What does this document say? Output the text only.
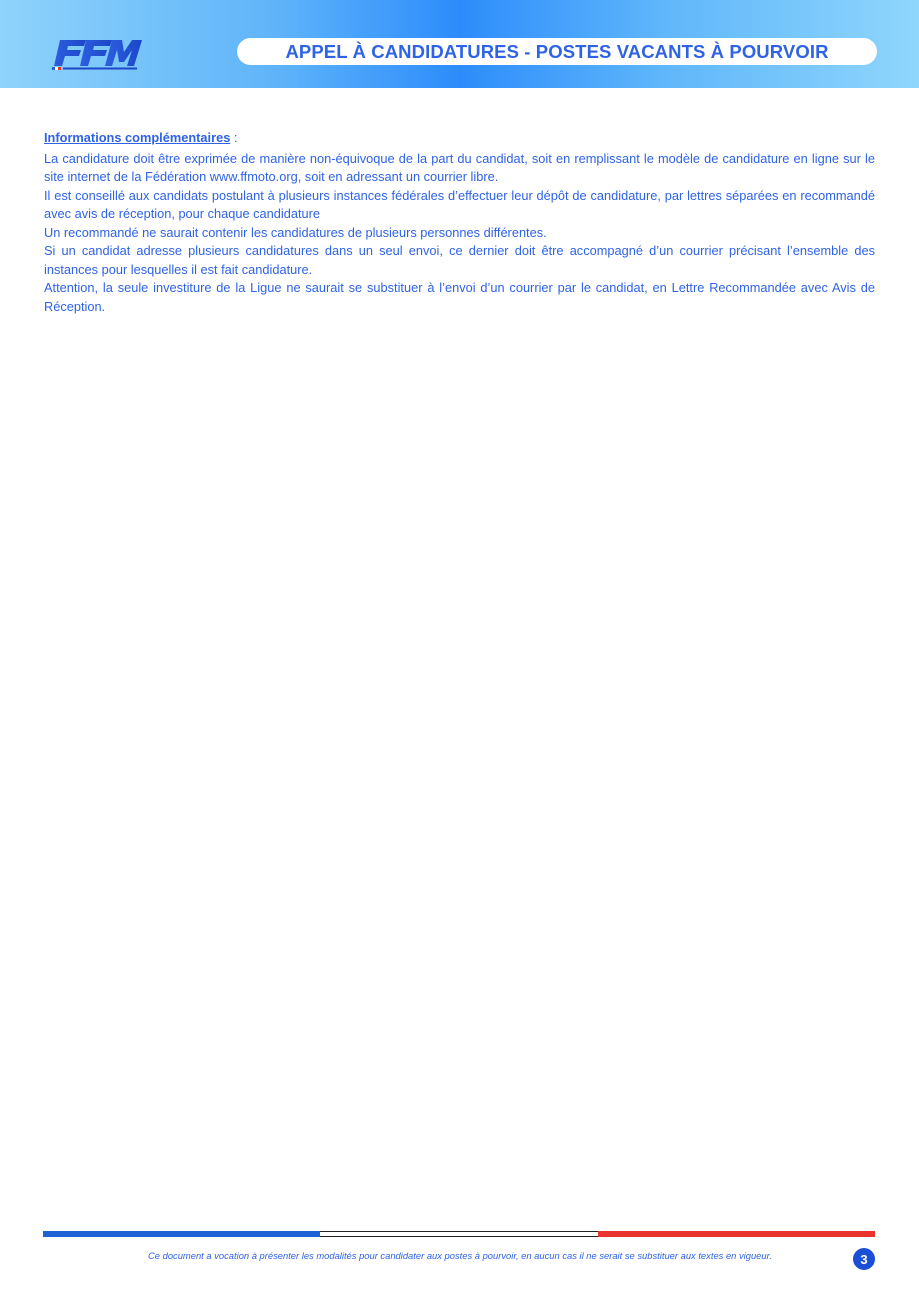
APPEL À CANDIDATURES - POSTES VACANTS À POURVOIR
Informations complémentaires :

La candidature doit être exprimée de manière non-équivoque de la part du candidat, soit en remplissant le modèle de candidature en ligne sur le site internet de la Fédération www.ffmoto.org, soit en adressant un courrier libre.

Il est conseillé aux candidats postulant à plusieurs instances fédérales d’effectuer leur dépôt de candidature, par lettres séparées en recommandé avec avis de réception, pour chaque candidature

Un recommandé ne saurait contenir les candidatures de plusieurs personnes différentes.

Si un candidat adresse plusieurs candidatures dans un seul envoi, ce dernier doit être accompagné d’un courrier précisant l’ensemble des instances pour lesquelles il est fait candidature.

Attention, la seule investiture de la Ligue ne saurait se substituer à l’envoi d’un courrier par le candidat, en Lettre Recommandée avec Avis de Réception.

Ce document a vocation à présenter les modalités pour candidater aux postes à pourvoir, en aucun cas il ne serait se substituer aux textes en vigueur.	3
